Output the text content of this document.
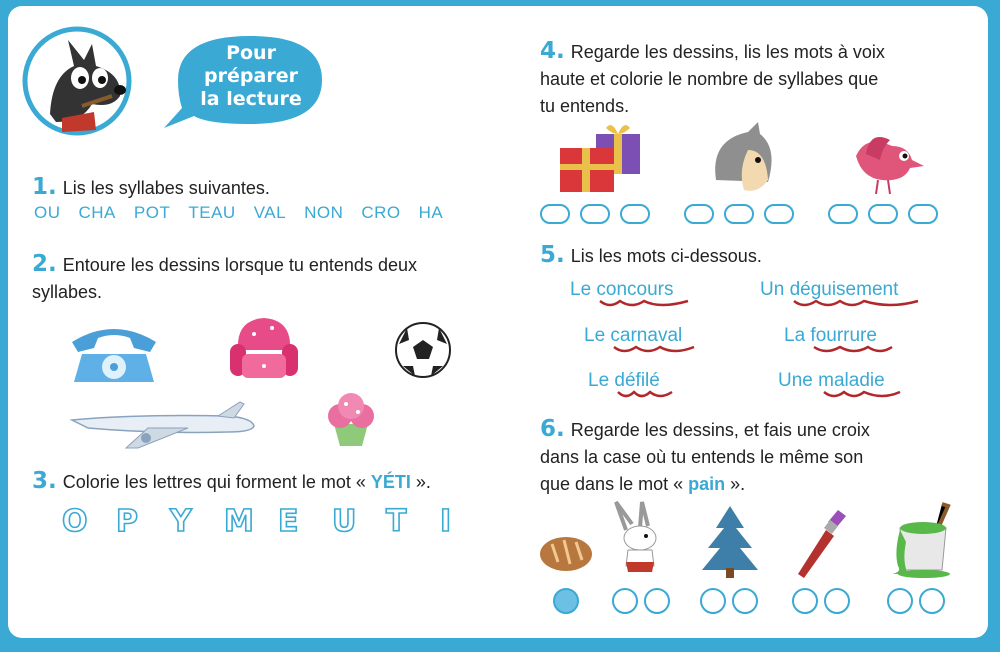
Pour
préparer
la lecture
1. Lis les syllabes suivantes.
OU CHA POT TEAU VAL NON CRO HA
2. Entoure les dessins lorsque tu entends deux
syllabes.
3. Colorie les lettres qui forment le mot « YÉTI ».
O P	Y	M E	U T	I
4. Regarde les dessins, lis les mots à voix
haute et colorie le nombre de syllabes que
tu entends.
5. Lis les mots ci-dessous.
Le concours	Un déguisement
Le carnaval	La fourrure
Le défilé	Une maladie
6. Regarde les dessins, et fais une croix
dans la case où tu entends le même son
que dans le mot « pain ».
